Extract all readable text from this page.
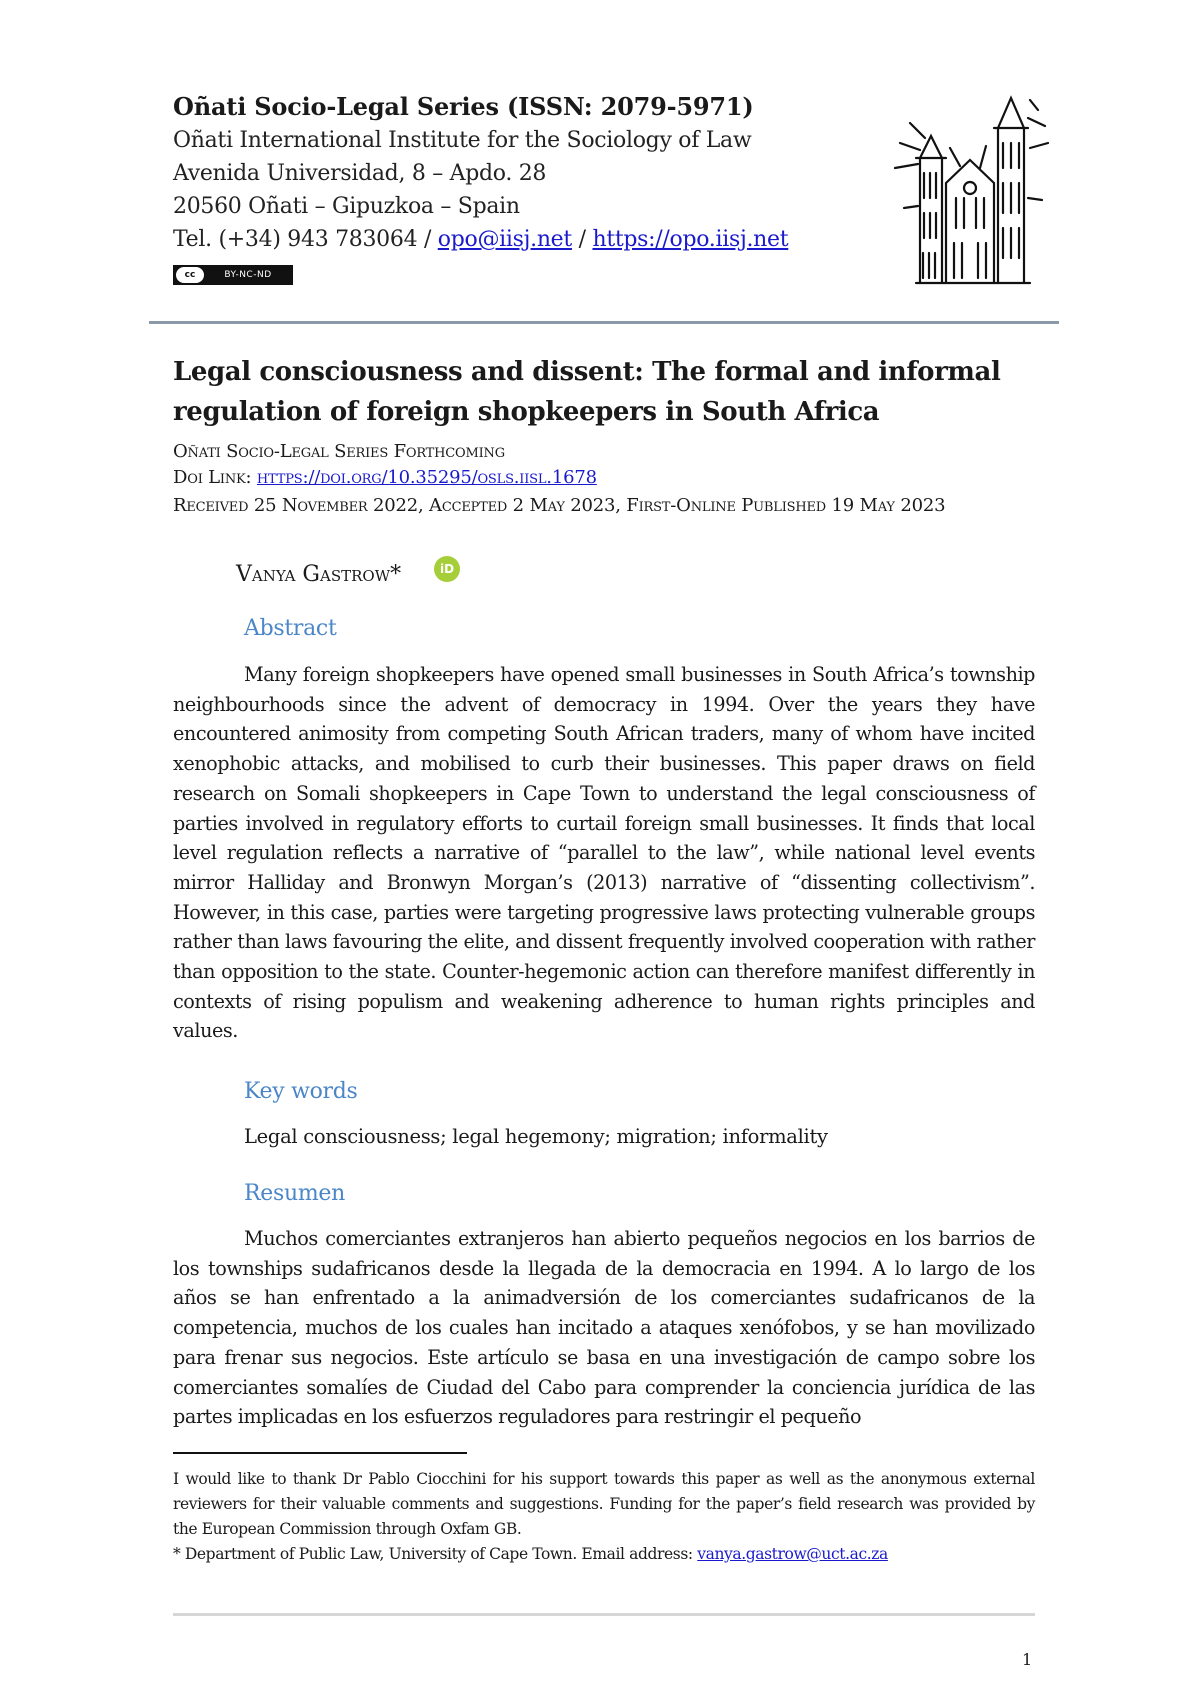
Oñati Socio-Legal Series (ISSN: 2079-5971)
Oñati International Institute for the Sociology of Law
Avenida Universidad, 8 – Apdo. 28
20560 Oñati – Gipuzkoa – Spain
Tel. (+34) 943 783064 / opo@iisj.net / https://opo.iisj.net
cc	BY-NC-ND
Legal consciousness and dissent: The formal and informal regulation of foreign shopkeepers in South Africa
Oñati Socio-Legal Series Forthcoming
Doi Link: https://doi.org/10.35295/osls.iisl.1678
Received 25 November 2022, Accepted 2 May 2023, First-Online Published 19 May 2023
Vanya Gastrow*	iD
Abstract
Many foreign shopkeepers have opened small businesses in South Africa’s township neighbourhoods since the advent of democracy in 1994. Over the years they have encountered animosity from competing South African traders, many of whom have incited xenophobic attacks, and mobilised to curb their businesses. This paper draws on field research on Somali shopkeepers in Cape Town to understand the legal consciousness of parties involved in regulatory efforts to curtail foreign small businesses. It finds that local level regulation reflects a narrative of “parallel to the law”, while national level events mirror Halliday and Bronwyn Morgan’s (2013) narrative of “dissenting collectivism”. However, in this case, parties were targeting progressive laws protecting vulnerable groups rather than laws favouring the elite, and dissent frequently involved cooperation with rather than opposition to the state. Counter-hegemonic action can therefore manifest differently in contexts of rising populism and weakening adherence to human rights principles and values.
Key words
Legal consciousness; legal hegemony; migration; informality
Resumen
Muchos comerciantes extranjeros han abierto pequeños negocios en los barrios de los townships sudafricanos desde la llegada de la democracia en 1994. A lo largo de los años se han enfrentado a la animadversión de los comerciantes sudafricanos de la competencia, muchos de los cuales han incitado a ataques xenófobos, y se han movilizado para frenar sus negocios. Este artículo se basa en una investigación de campo sobre los comerciantes somalíes de Ciudad del Cabo para comprender la conciencia jurídica de las partes implicadas en los esfuerzos reguladores para restringir el pequeño
I would like to thank Dr Pablo Ciocchini for his support towards this paper as well as the anonymous external reviewers for their valuable comments and suggestions. Funding for the paper’s field research was provided by the European Commission through Oxfam GB.
* Department of Public Law, University of Cape Town. Email address: vanya.gastrow@uct.ac.za
1
